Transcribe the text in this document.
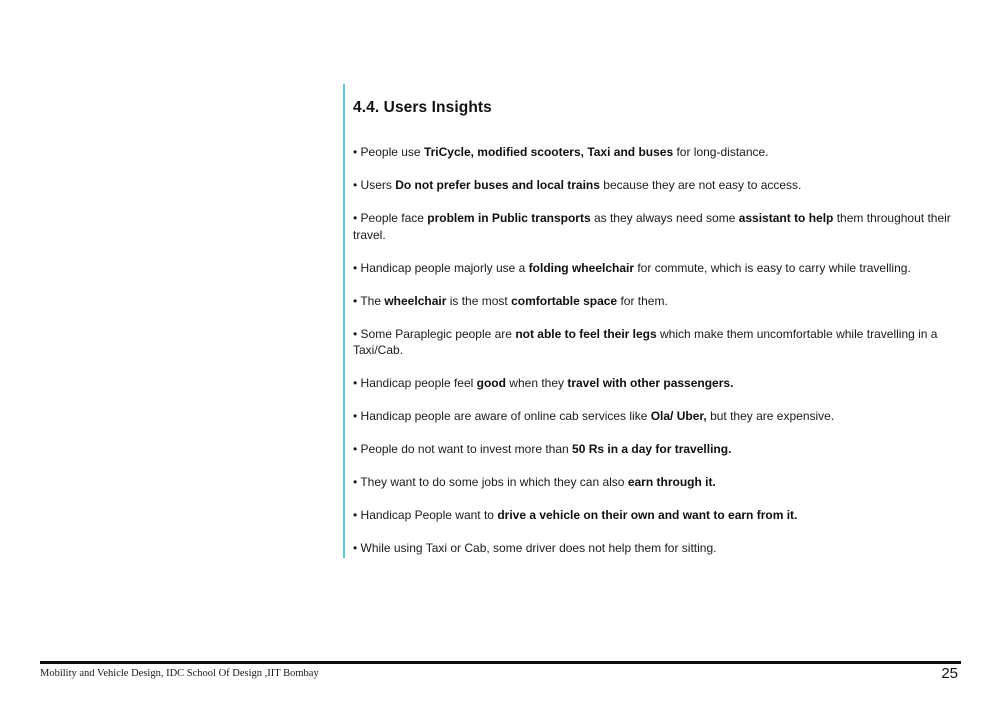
4.4. Users Insights

• People use TriCycle, modified scooters, Taxi and buses for long-distance.

• Users Do not prefer buses and local trains because they are not easy to access.

• People face problem in Public transports as they always need some assistant to help them throughout their travel.

• Handicap people majorly use a folding wheelchair for commute, which is easy to carry while travelling.

• The wheelchair is the most comfortable space for them.

• Some Paraplegic people are not able to feel their legs which make them uncomfortable while travelling in a Taxi/Cab.

• Handicap people feel good when they travel with other passengers.

• Handicap people are aware of online cab services like Ola/ Uber, but they are expensive.

• People do not want to invest more than 50 Rs in a day for travelling.

• They want to do some jobs in which they can also earn through it.

• Handicap People want to drive a vehicle on their own and want to earn from it.

• While using Taxi or Cab, some driver does not help them for sitting.

Mobility and Vehicle Design, IDC School Of Design ,IIT Bombay	25
